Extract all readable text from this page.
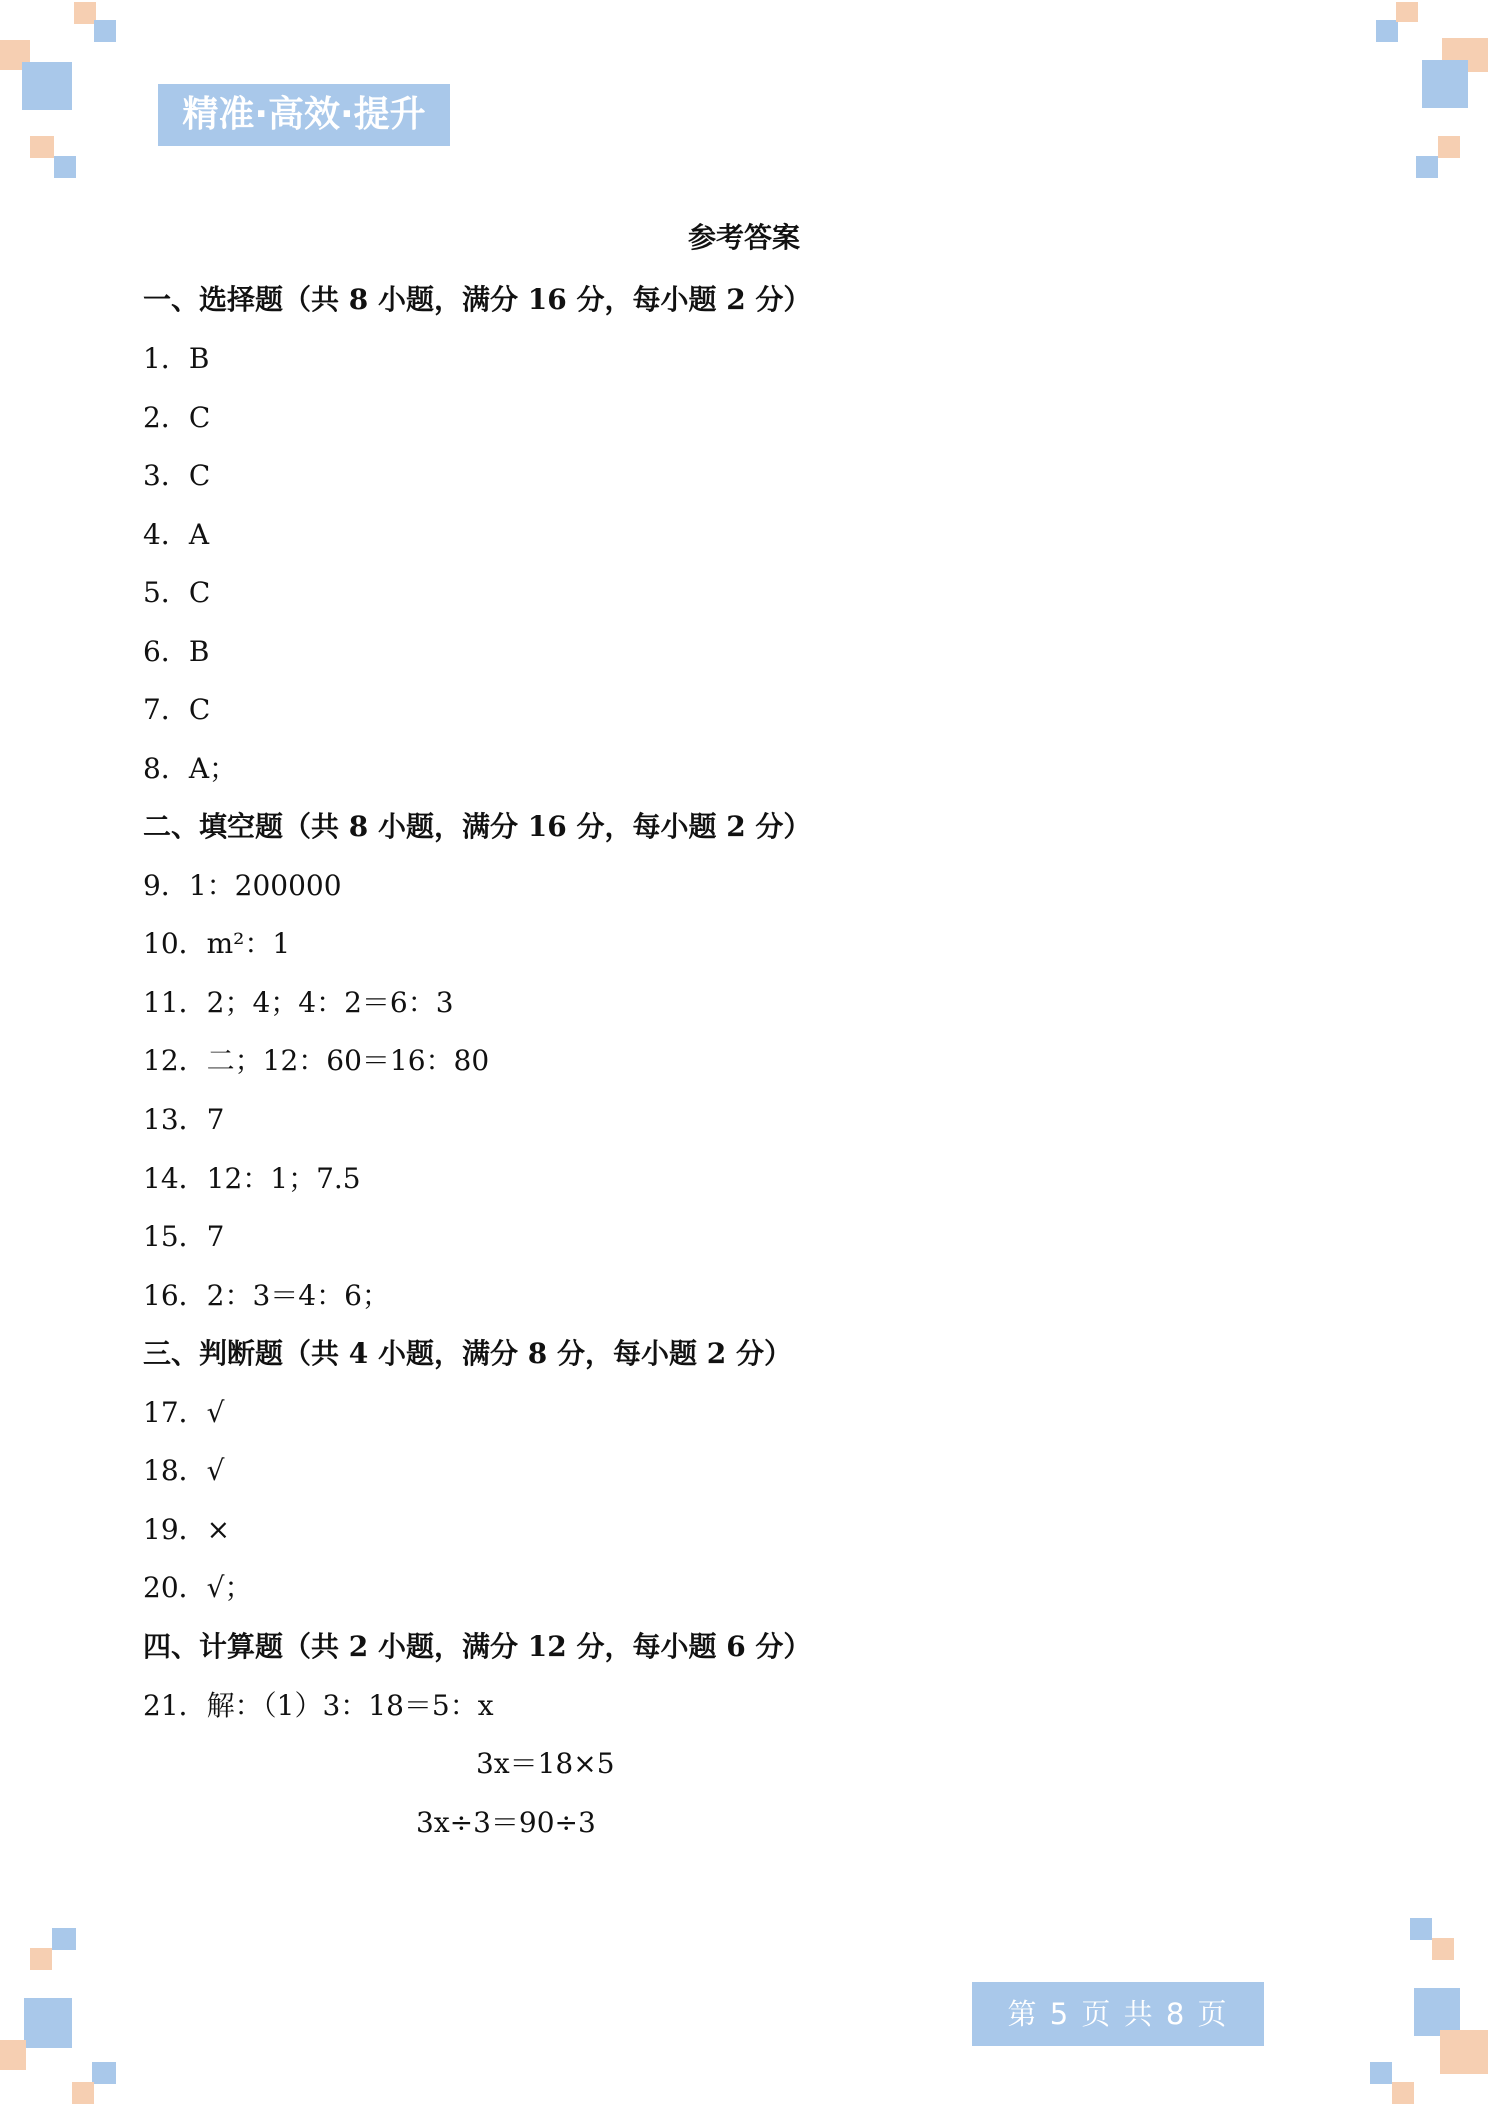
精准·高效·提升
参考答案
一、选择题（共 8 小题，满分 16 分，每小题 2 分）
1．B
2．C
3．C
4．A
5．C
6．B
7．C
8．A；
二、填空题（共 8 小题，满分 16 分，每小题 2 分）
9．1：200000
10．m²：1
11．2；4；4：2＝6：3
12．二；12：60＝16：80
13．7
14．12：1；7.5
15．7
16．2：3＝4：6；
三、判断题（共 4 小题，满分 8 分，每小题 2 分）
17．√
18．√
19．×
20．√；
四、计算题（共 2 小题，满分 12 分，每小题 6 分）
21．解：（1）3：18＝5：x
3x＝18×5
3x÷3＝90÷3
第 5 页 共 8 页
